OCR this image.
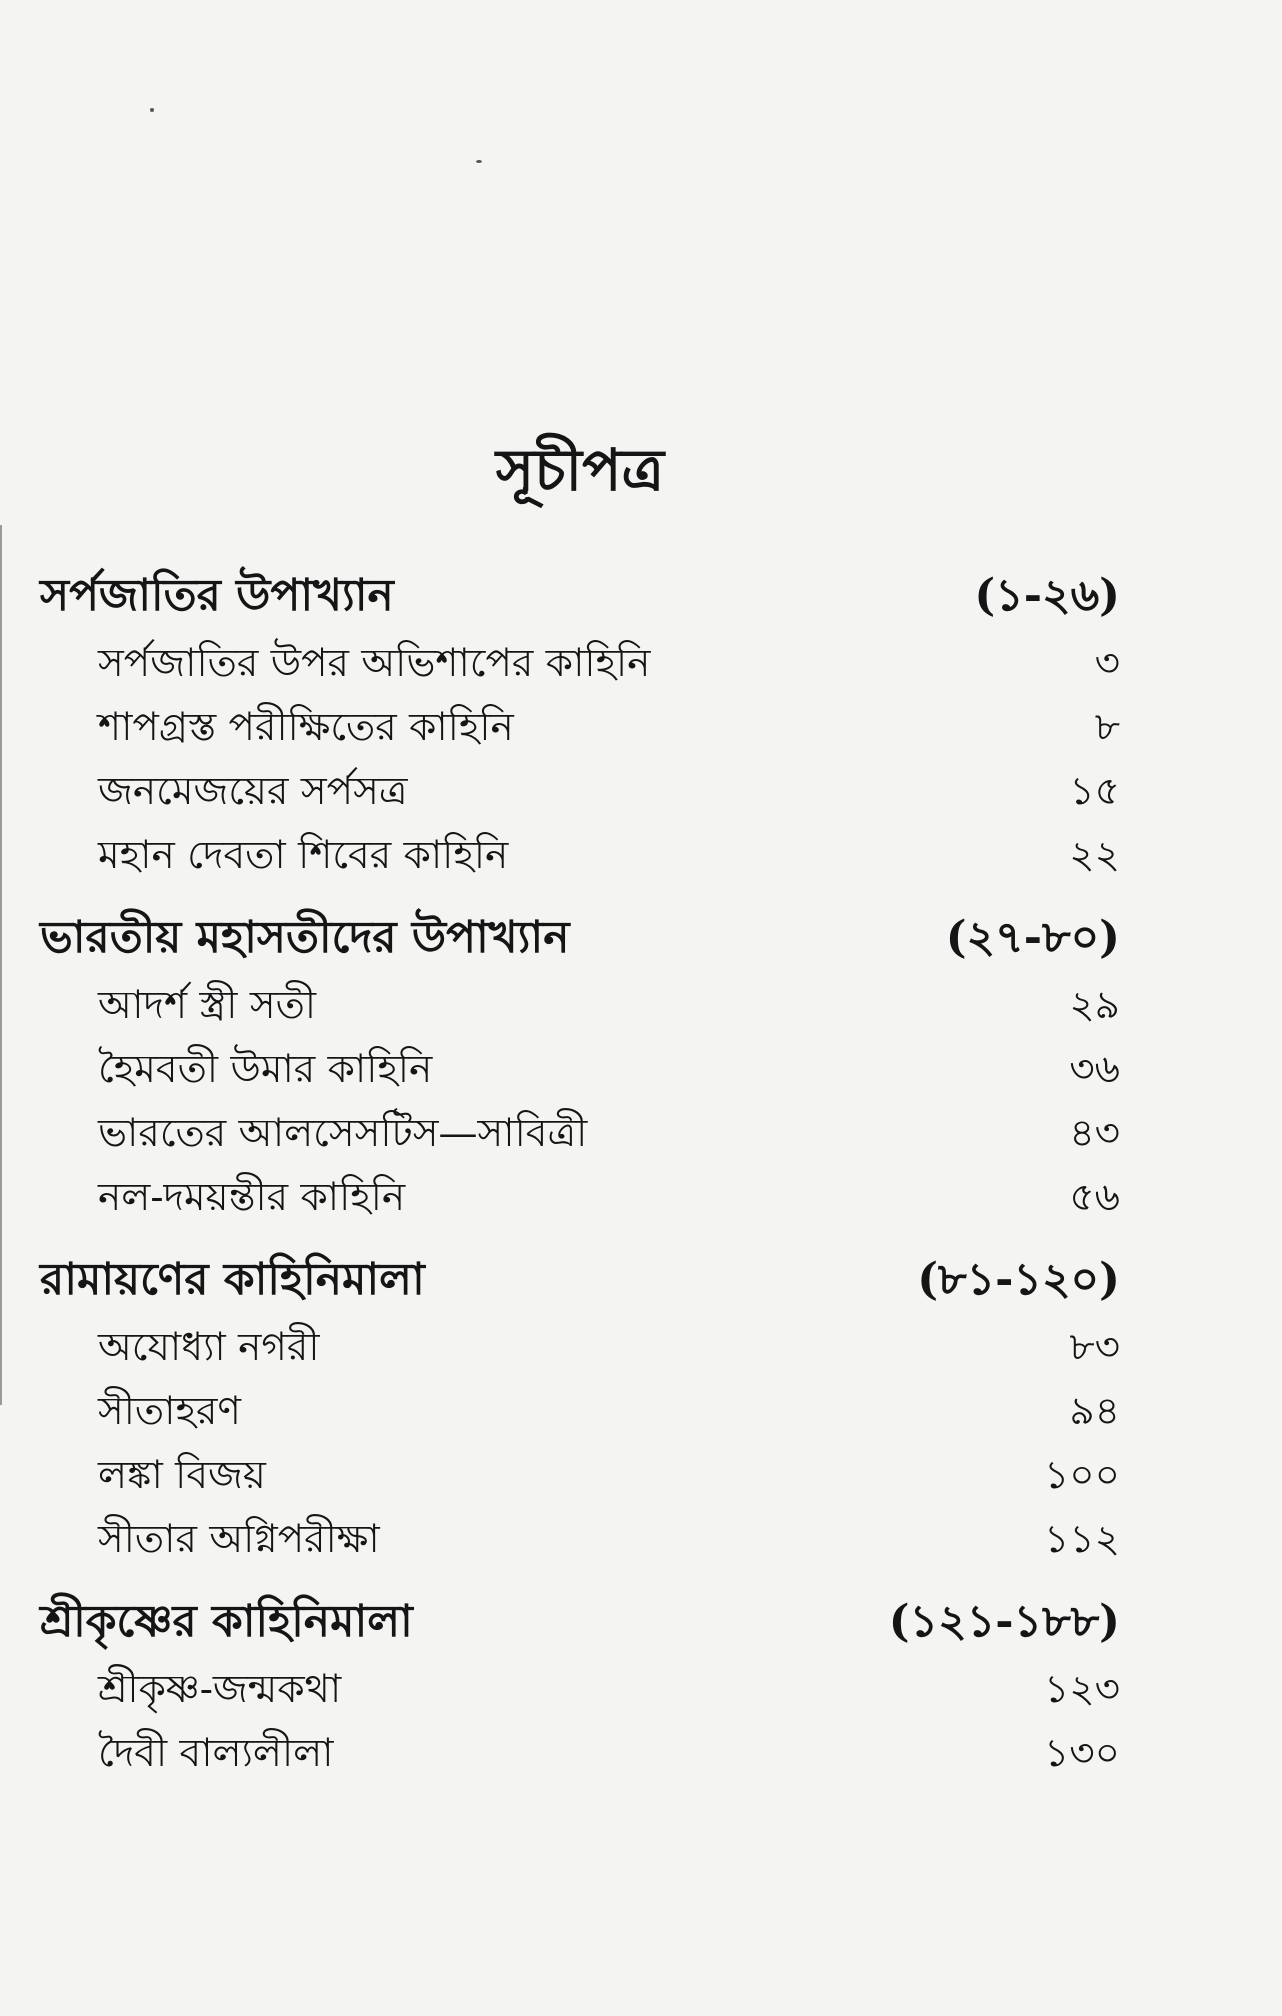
সূচীপত্র
সর্পজাতির উপাখ্যান	(১-২৬)
সর্পজাতির উপর অভিশাপের কাহিনি	৩
শাপগ্রস্ত পরীক্ষিতের কাহিনি	৮
জনমেজয়ের সর্পসত্র	১৫
মহান দেবতা শিবের কাহিনি	২২
ভারতীয় মহাসতীদের উপাখ্যান	(২৭-৮০)
আদর্শ স্ত্রী সতী	২৯
হৈমবতী উমার কাহিনি	৩৬
ভারতের আলসেসটিস—সাবিত্রী	৪৩
নল-দময়ন্তীর কাহিনি	৫৬
রামায়ণের কাহিনিমালা	(৮১-১২০)
অযোধ্যা নগরী	৮৩
সীতাহরণ	৯৪
লঙ্কা বিজয়	১০০
সীতার অগ্নিপরীক্ষা	১১২
শ্রীকৃষ্ণের কাহিনিমালা	(১২১-১৮৮)
শ্রীকৃষ্ণ-জন্মকথা	১২৩
দৈবী বাল্যলীলা	১৩০
